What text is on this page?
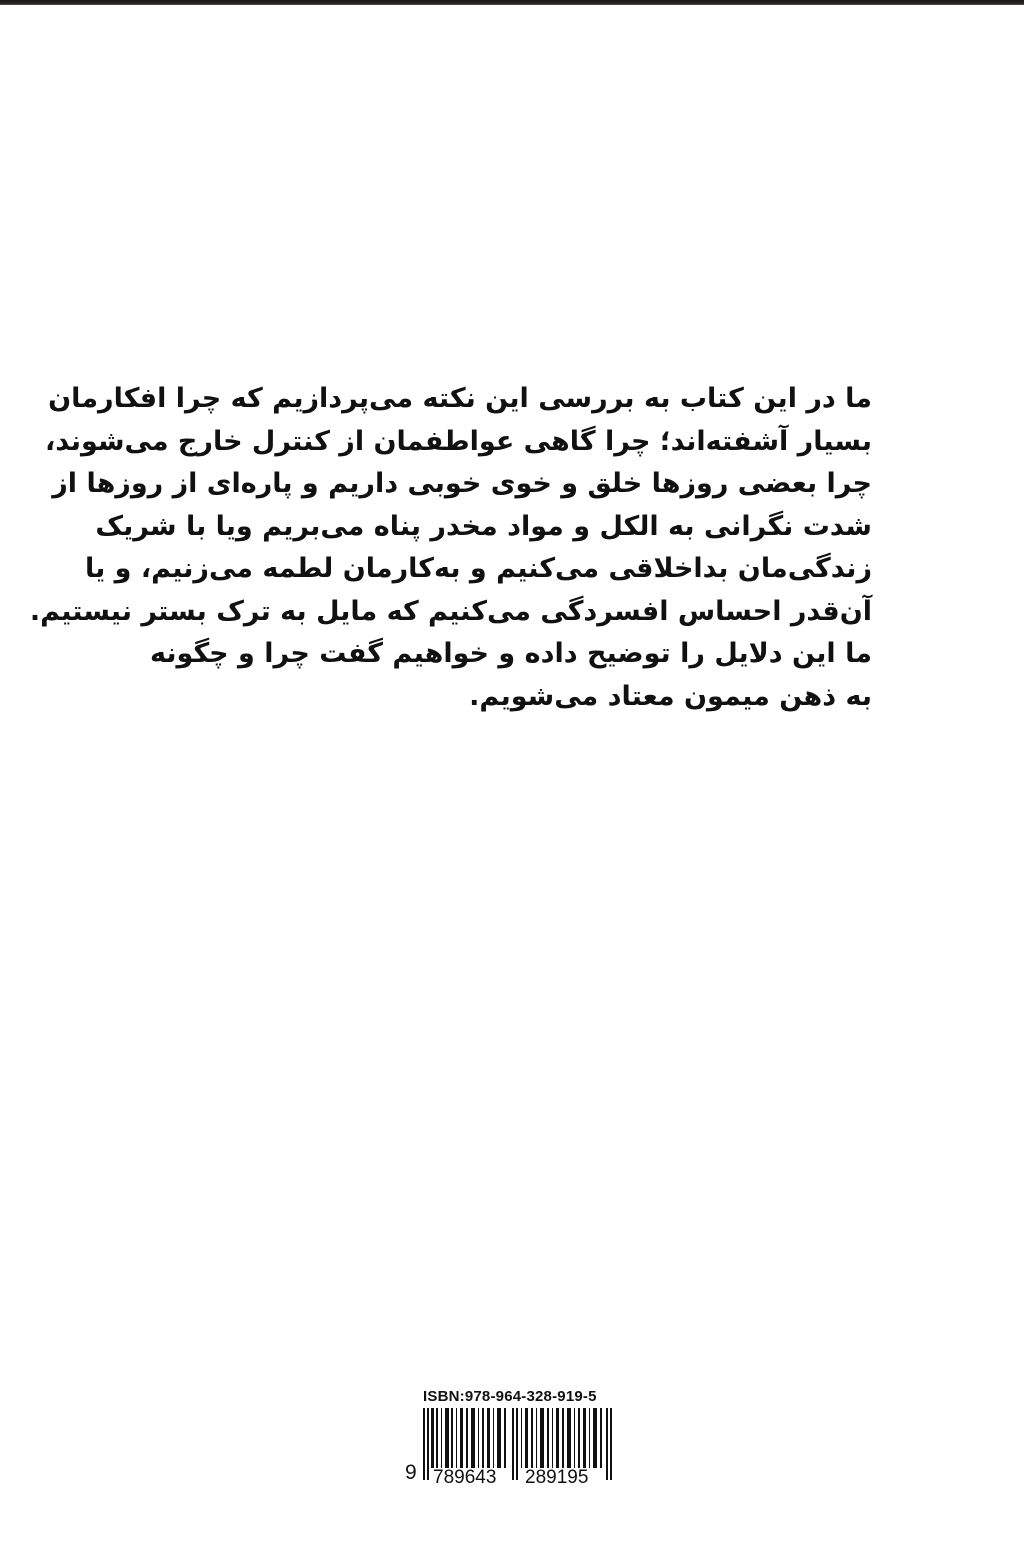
ما در این کتاب به بررسی این نکته می‌پردازیم که چرا افکارمان
بسیار آشفته‌اند؛ چرا گاهی عواطفمان از کنترل خارج می‌شوند،
چرا بعضی روزها خلق و خوی خوبی داریم و پاره‌ای از روزها از
شدت نگرانی به الکل و مواد مخدر پناه می‌بریم ویا با شریک
زندگی‌مان بداخلاقی می‌کنیم و به‌کارمان لطمه می‌زنیم، و یا
آن‌قدر احساس افسردگی می‌کنیم که مایل به ترک بستر نیستیم.
ما این دلایل را توضیح داده و خواهیم گفت چرا و چگونه
به ذهن میمون معتاد می‌شویم.
ISBN:978-964-328-919-5
9 789643 289195
